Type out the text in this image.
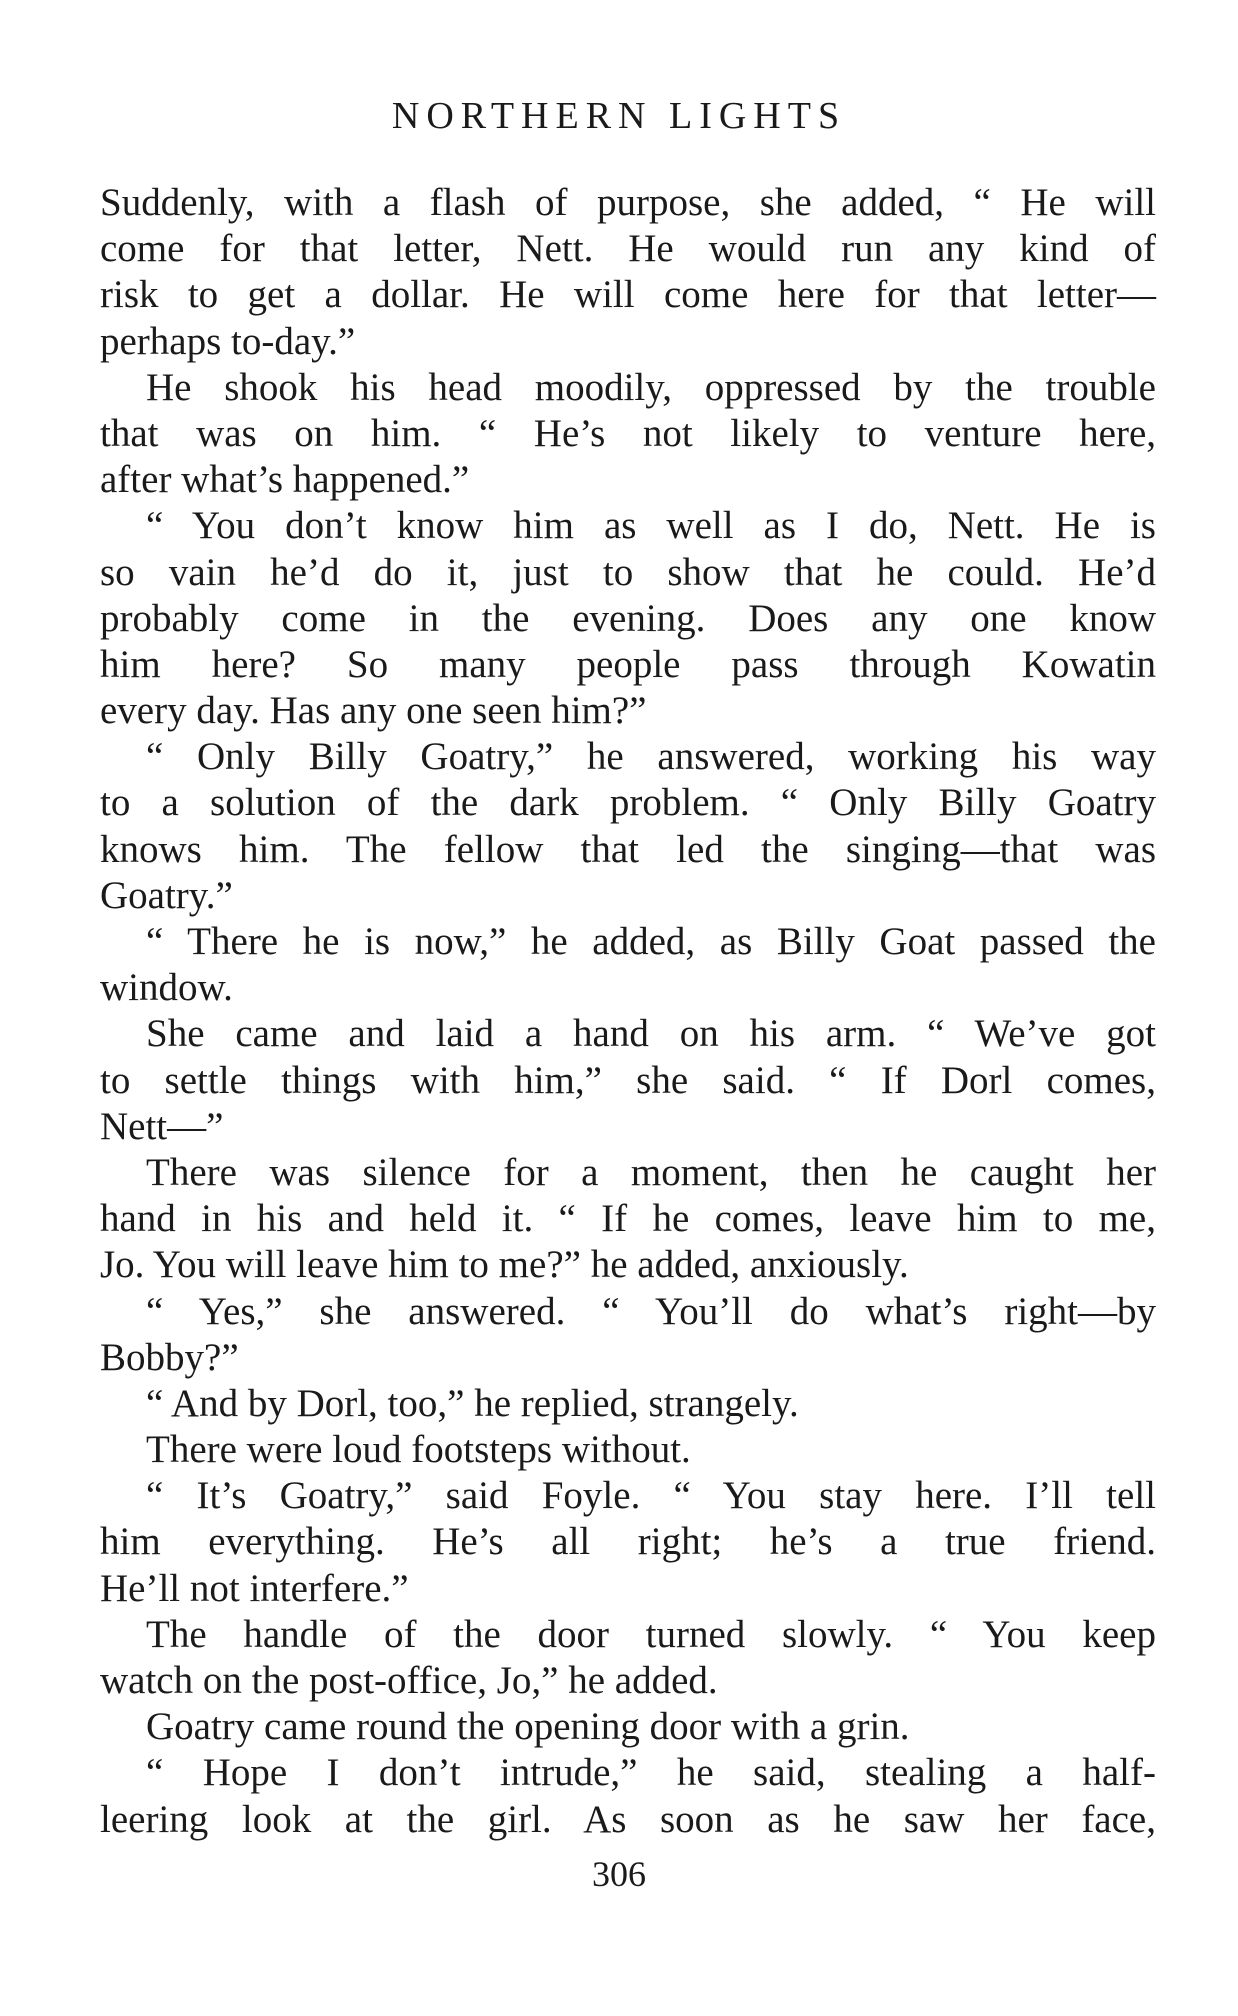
NORTHERN LIGHTS
Suddenly, with a flash of purpose, she added, “ He will
come for that letter, Nett. He would run any kind of
risk to get a dollar. He will come here for that letter—
perhaps to-day.”
He shook his head moodily, oppressed by the trouble
that was on him. “ He’s not likely to venture here,
after what’s happened.”
“ You don’t know him as well as I do, Nett. He is
so vain he’d do it, just to show that he could. He’d
probably come in the evening. Does any one know
him here? So many people pass through Kowatin
every day. Has any one seen him?”
“ Only Billy Goatry,” he answered, working his way
to a solution of the dark problem. “ Only Billy Goatry
knows him. The fellow that led the singing—that was
Goatry.”
“ There he is now,” he added, as Billy Goat passed the
window.
She came and laid a hand on his arm. “ We’ve got
to settle things with him,” she said. “ If Dorl comes,
Nett—”
There was silence for a moment, then he caught her
hand in his and held it. “ If he comes, leave him to me,
Jo. You will leave him to me?” he added, anxiously.
“ Yes,” she answered. “ You’ll do what’s right—by
Bobby?”
“ And by Dorl, too,” he replied, strangely.
There were loud footsteps without.
“ It’s Goatry,” said Foyle. “ You stay here. I’ll tell
him everything. He’s all right; he’s a true friend.
He’ll not interfere.”
The handle of the door turned slowly. “ You keep
watch on the post-office, Jo,” he added.
Goatry came round the opening door with a grin.
“ Hope I don’t intrude,” he said, stealing a half-
leering look at the girl. As soon as he saw her face,
306
